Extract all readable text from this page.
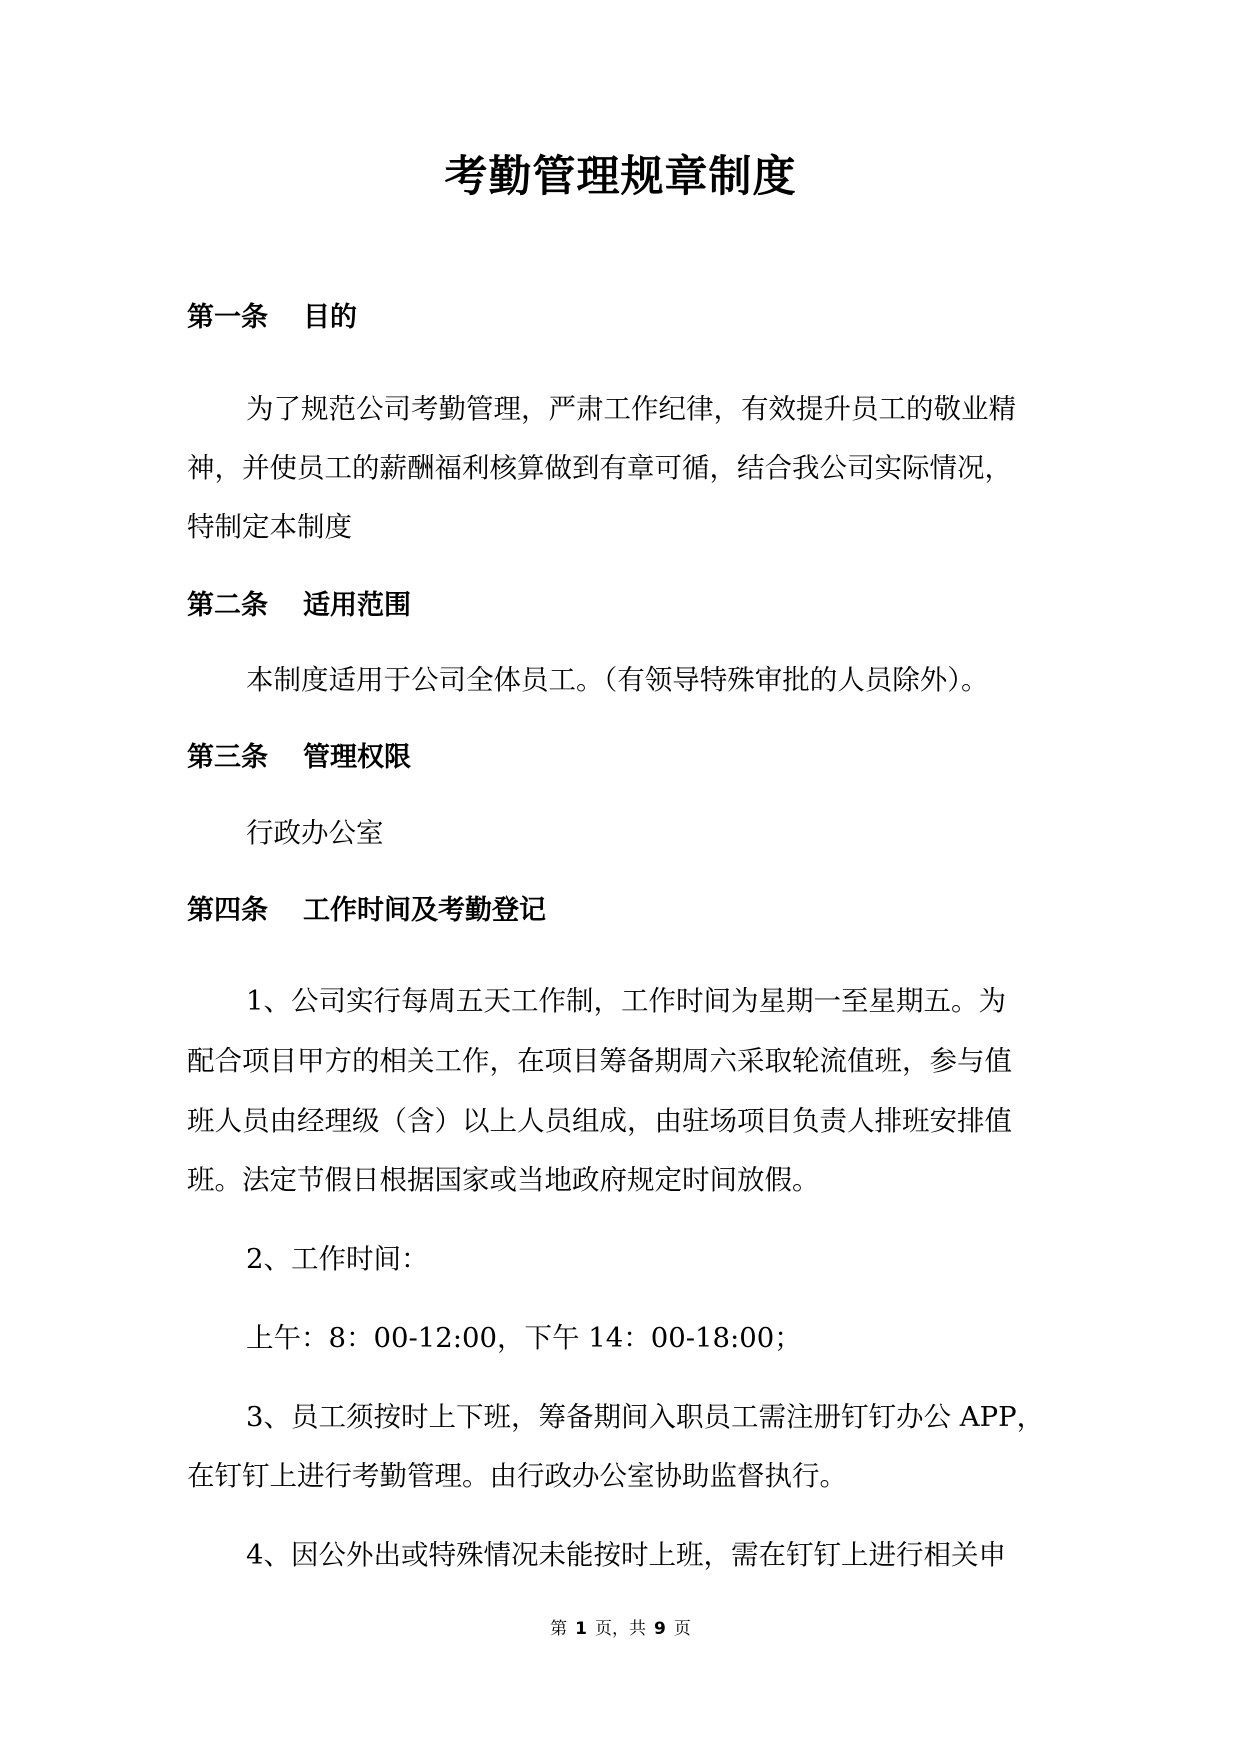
考勤管理规章制度
第一条 目的
为了规范公司考勤管理，严肃工作纪律，有效提升员工的敬业精
神，并使员工的薪酬福利核算做到有章可循，结合我公司实际情况，
特制定本制度
第二条 适用范围
本制度适用于公司全体员工。（有领导特殊审批的人员除外）。
第三条 管理权限
行政办公室
第四条 工作时间及考勤登记
1、公司实行每周五天工作制，工作时间为星期一至星期五。为
配合项目甲方的相关工作，在项目筹备期周六采取轮流值班，参与值
班人员由经理级（含）以上人员组成，由驻场项目负责人排班安排值
班。法定节假日根据国家或当地政府规定时间放假。
2、工作时间：
上午：8：00-12:00，下午 14：00-18:00；
3、员工须按时上下班，筹备期间入职员工需注册钉钉办公 APP，
在钉钉上进行考勤管理。由行政办公室协助监督执行。
4、因公外出或特殊情况未能按时上班，需在钉钉上进行相关申
第 1 页，共 9 页
